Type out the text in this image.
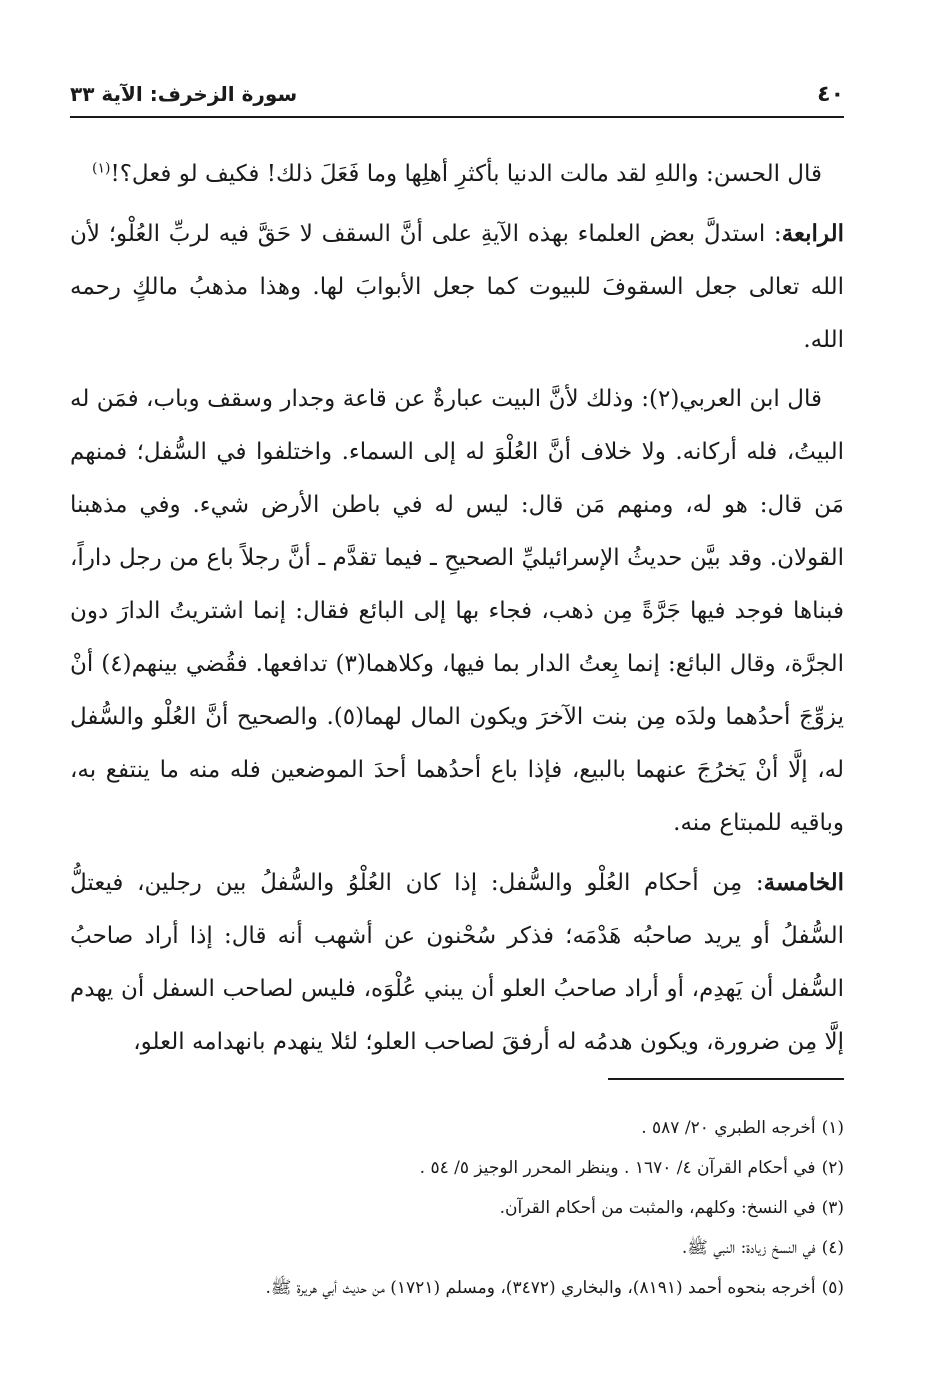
٤٠
سورة الزخرف: الآية ٣٣

قال الحسن: واللهِ لقد مالت الدنيا بأكثرِ أهلِها وما فَعَلَ ذلك! فكيف لو فعل؟!$^{(١)}$

الرابعة: استدلَّ بعض العلماء بهذه الآيةِ على أنَّ السقف لا حَقَّ فيه لربِّ العُلْو؛ لأن الله تعالى جعل السقوفَ للبيوت كما جعل الأبوابَ لها. وهذا مذهبُ مالكٍ رحمه الله.

قال ابن العربي(٢): وذلك لأنَّ البيت عبارةٌ عن قاعة وجدار وسقف وباب، فمَن له البيتُ، فله أركانه. ولا خلاف أنَّ العُلْوَ له إلى السماء. واختلفوا في السُّفل؛ فمنهم مَن قال: هو له، ومنهم مَن قال: ليس له في باطن الأرض شيء. وفي مذهبنا القولان. وقد بيَّن حديثُ الإسرائيليِّ الصحيحِ ـ فيما تقدَّم ـ أنَّ رجلاً باع من رجل داراً، فبناها فوجد فيها جَرَّةً مِن ذهب، فجاء بها إلى البائع فقال: إنما اشتريتُ الدارَ دون الجرَّة، وقال البائع: إنما بِعتُ الدار بما فيها، وكلاهما(٣) تدافعها. فقُضي بينهم(٤) أنْ يزوِّجَ أحدُهما ولدَه مِن بنت الآخرَ ويكون المال لهما(٥). والصحيح أنَّ العُلْو والسُّفل له، إلَّا أنْ يَخرُجَ عنهما بالبيع، فإذا باع أحدُهما أحدَ الموضعين فله منه ما ينتفع به، وباقيه للمبتاع منه.

الخامسة: مِن أحكام العُلْو والسُّفل: إذا كان العُلْوُ والسُّفلُ بين رجلين، فيعتلُّ السُّفلُ أو يريد صاحبُه هَدْمَه؛ فذكر سُحْنون عن أشهب أنه قال: إذا أراد صاحبُ السُّفل أن يَهدِم، أو أراد صاحبُ العلو أن يبني عُلْوَه، فليس لصاحب السفل أن يهدم إلَّا مِن ضرورة، ويكون هدمُه له أرفقَ لصاحب العلو؛ لئلا ينهدم بانهدامه العلو،

(١)أخرجه الطبري ٢٠/ ٥٨٧ .
(٢)في أحكام القرآن ٤/ ١٦٧٠ . وينظر المحرر الوجيز ٥/ ٥٤ .
(٣)في النسخ: وكلهم، والمثبت من أحكام القرآن.
(٤)في النسخ زيادة: النبي ﷺ.
(٥)أخرجه بنحوه أحمد (٨١٩١)، والبخاري (٣٤٧٢)، ومسلم (١٧٢١) من حديث أبي هريرة ﷺ.
